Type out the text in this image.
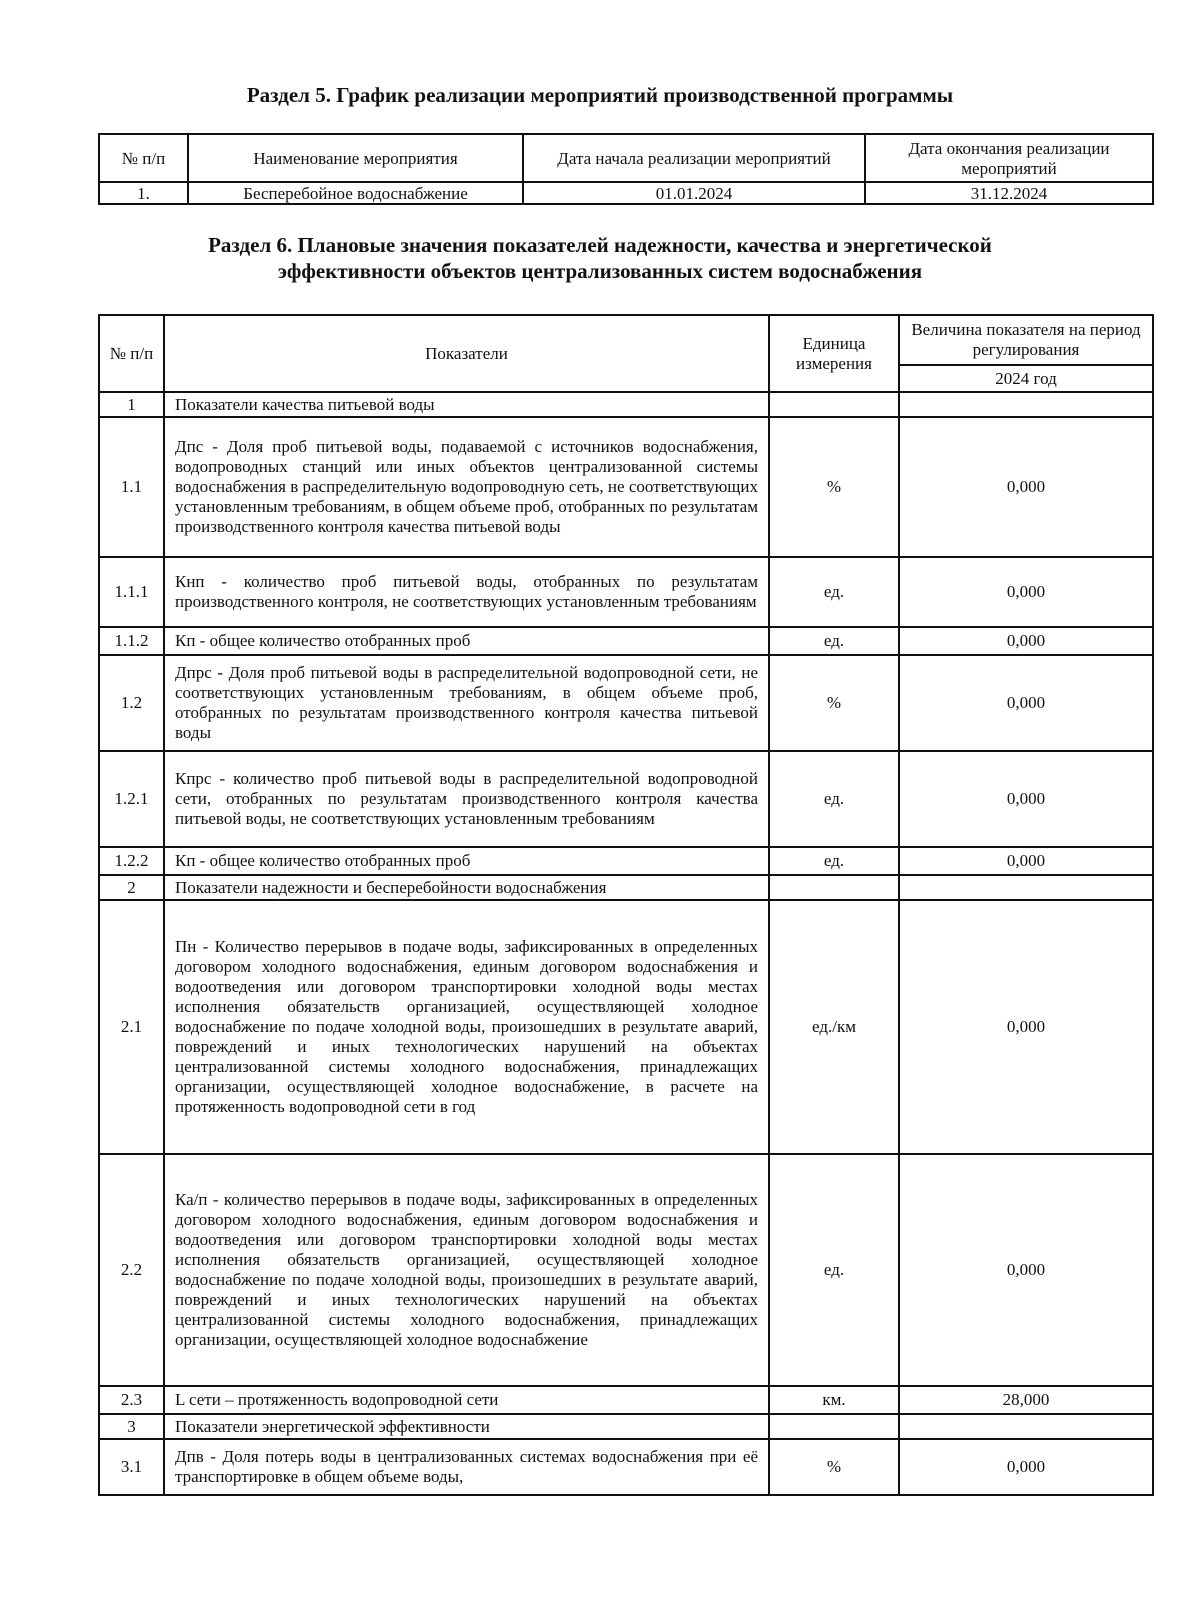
Раздел 5. График реализации мероприятий производственной программы
№ п/п	Наименование мероприятия	Дата начала реализации мероприятий	Дата окончания реализации мероприятий
1.	Бесперебойное водоснабжение	01.01.2024	31.12.2024
Раздел 6. Плановые значения показателей надежности, качества и энергетической
эффективности объектов централизованных систем водоснабжения
№ п/п	Показатели	Единица измерения	Величина показателя на период регулирования
			2024 год
1	Показатели качества питьевой воды		
1.1	Дпс - Доля проб питьевой воды, подаваемой с источников водоснабжения, водопроводных станций или иных объектов централизованной системы водоснабжения в распределительную водопроводную сеть, не соответствующих установленным требованиям, в общем объеме проб, отобранных по результатам производственного контроля качества питьевой воды	%	0,000
1.1.1	Кнп - количество проб питьевой воды, отобранных по результатам производственного контроля, не соответствующих установленным требованиям	ед.	0,000
1.1.2	Кп - общее количество отобранных проб	ед.	0,000
1.2	Дпрс - Доля проб питьевой воды в распределительной водопроводной сети, не соответствующих установленным требованиям, в общем объеме проб, отобранных по результатам производственного контроля качества питьевой воды	%	0,000
1.2.1	Кпрс - количество проб питьевой воды в распределительной водопроводной сети, отобранных по результатам производственного контроля качества питьевой воды, не соответствующих установленным требованиям	ед.	0,000
1.2.2	Кп - общее количество отобранных проб	ед.	0,000
2	Показатели надежности и бесперебойности водоснабжения		
2.1	Пн - Количество перерывов в подаче воды, зафиксированных в определенных договором холодного водоснабжения, единым договором водоснабжения и водоотведения или договором транспортировки холодной воды местах исполнения обязательств организацией, осуществляющей холодное водоснабжение по подаче холодной воды, произошедших в результате аварий, повреждений и иных технологических нарушений на объектах централизованной системы холодного водоснабжения, принадлежащих организации, осуществляющей холодное водоснабжение, в расчете на протяженность водопроводной сети в год	ед./км	0,000
2.2	Ка/п - количество перерывов в подаче воды, зафиксированных в определенных договором холодного водоснабжения, единым договором водоснабжения и водоотведения или договором транспортировки холодной воды местах исполнения обязательств организацией, осуществляющей холодное водоснабжение по подаче холодной воды, произошедших в результате аварий, повреждений и иных технологических нарушений на объектах централизованной системы холодного водоснабжения, принадлежащих организации, осуществляющей холодное водоснабжение	ед.	0,000
2.3	L сети – протяженность водопроводной сети	км.	28,000
3	Показатели энергетической эффективности		
3.1	Дпв - Доля потерь воды в централизованных системах водоснабжения при её транспортировке в общем объеме воды,	%	0,000
